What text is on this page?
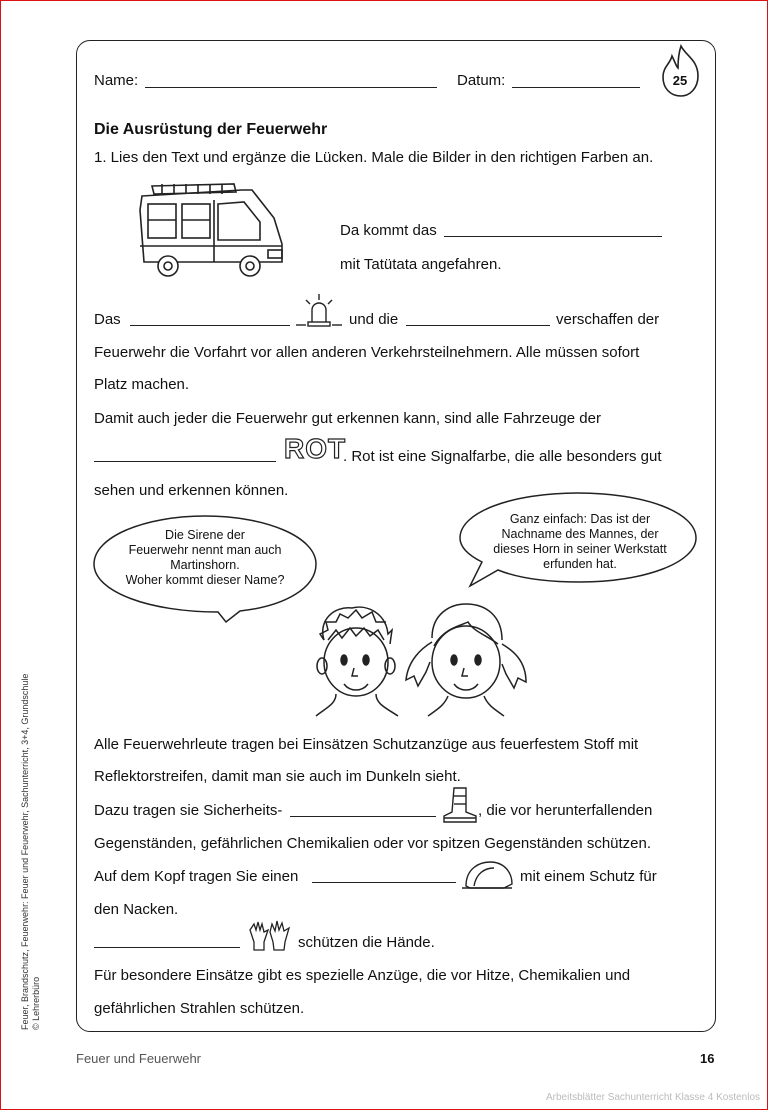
Name:	Datum:	25
Die Ausrüstung der Feuerwehr
1. Lies den Text und ergänze die Lücken. Male die Bilder in den richtigen Farben an.
Da kommt das
mit Tatütata angefahren.
Das	und die	verschaffen der
Feuerwehr die Vorfahrt vor allen anderen Verkehrsteilnehmern. Alle müssen sofort
Platz machen.
Damit auch jeder die Feuerwehr gut erkennen kann, sind alle Fahrzeuge der
ROT
. Rot ist eine Signalfarbe, die alle besonders gut
sehen und erkennen können.
Die Sirene der
Feuerwehr nennt man auch
Martinshorn.
Woher kommt dieser Name?
Ganz einfach: Das ist der
Nachname des Mannes, der
dieses Horn in seiner Werkstatt
erfunden hat.
Alle Feuerwehrleute tragen bei Einsätzen Schutzanzüge aus feuerfestem Stoff mit
Reflektorstreifen, damit man sie auch im Dunkeln sieht.
Dazu tragen sie Sicherheits-	, die vor herunterfallenden
Gegenständen, gefährlichen Chemikalien oder vor spitzen Gegenständen schützen.
Auf dem Kopf tragen Sie einen	mit einem Schutz für
den Nacken.
schützen die Hände.
Für besondere Einsätze gibt es spezielle Anzüge, die vor Hitze, Chemikalien und
gefährlichen Strahlen schützen.
Feuer, Brandschutz, Feuerwehr: Feuer und Feuerwehr, Sachunterricht, 3+4, Grundschule © Lehrerbüro
Feuer und Feuerwehr	16
Arbeitsblätter Sachunterricht Klasse 4 Kostenlos
